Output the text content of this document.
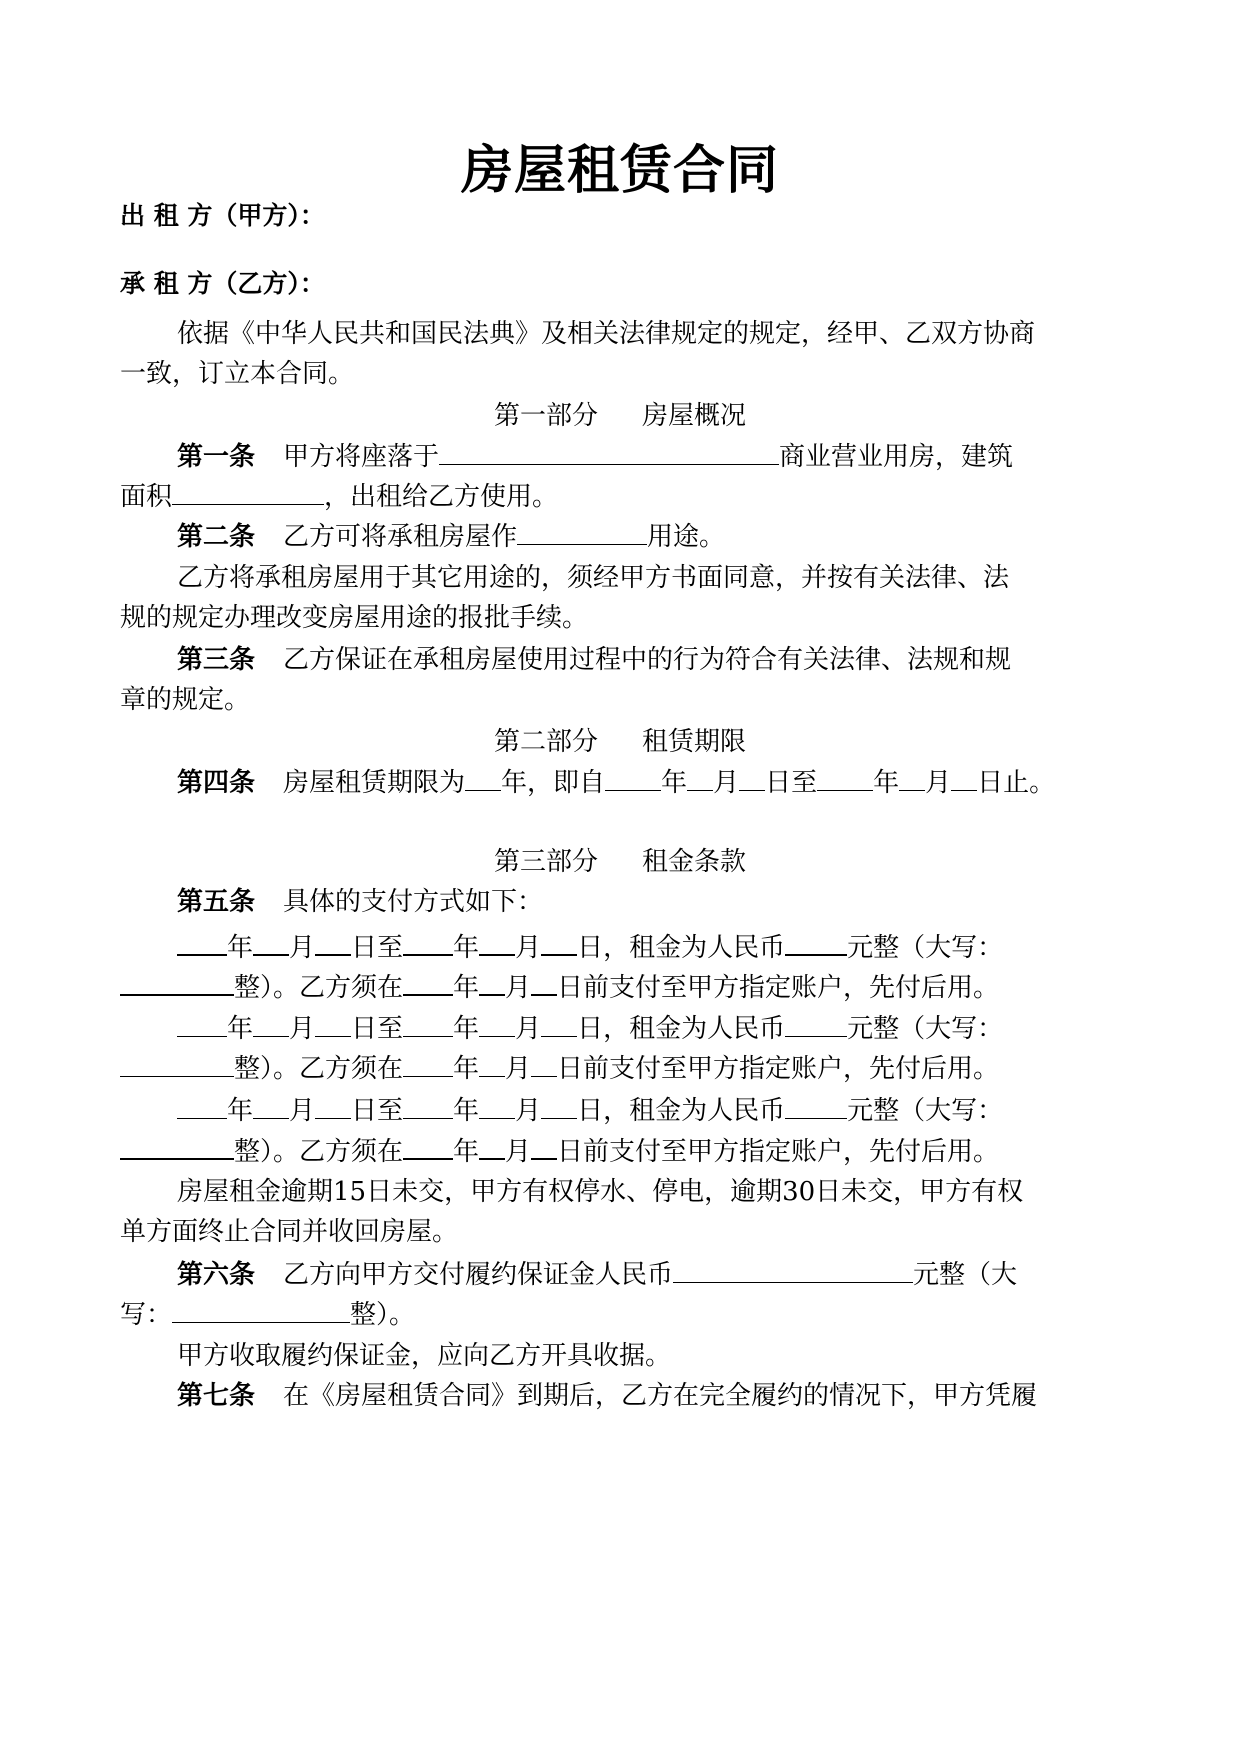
房屋租赁合同
出 租 方（甲方）：
承 租 方（乙方）：
依据《中华人民共和国民法典》及相关法律规定的规定，经甲、乙双方协商
一致，订立本合同。
第一部分 房屋概况
第一条 甲方将座落于	商业营业用房，建筑
面积	，出租给乙方使用。
第二条 乙方可将承租房屋作	用途。
乙方将承租房屋用于其它用途的，须经甲方书面同意，并按有关法律、法
规的规定办理改变房屋用途的报批手续。
第三条 乙方保证在承租房屋使用过程中的行为符合有关法律、法规和规
章的规定。
第二部分 租赁期限
第四条 房屋租赁期限为 年，即自 年 月 日至 年 月 日止。
第三部分 租金条款
第五条 具体的支付方式如下：
年 月 日至 年 月 日，租金为人民币 元整（大写：
整）。乙方须在 年 月 日前支付至甲方指定账户，先付后用。
年 月 日至 年 月 日，租金为人民币 元整（大写：
整）。乙方须在 年 月 日前支付至甲方指定账户，先付后用。
年 月 日至 年 月 日，租金为人民币 元整（大写：
整）。乙方须在 年 月 日前支付至甲方指定账户，先付后用。
房屋租金逾期15日未交，甲方有权停水、停电，逾期30日未交，甲方有权
单方面终止合同并收回房屋。
第六条 乙方向甲方交付履约保证金人民币	元整（大
写：	整）。
甲方收取履约保证金，应向乙方开具收据。
第七条 在《房屋租赁合同》到期后，乙方在完全履约的情况下，甲方凭履
